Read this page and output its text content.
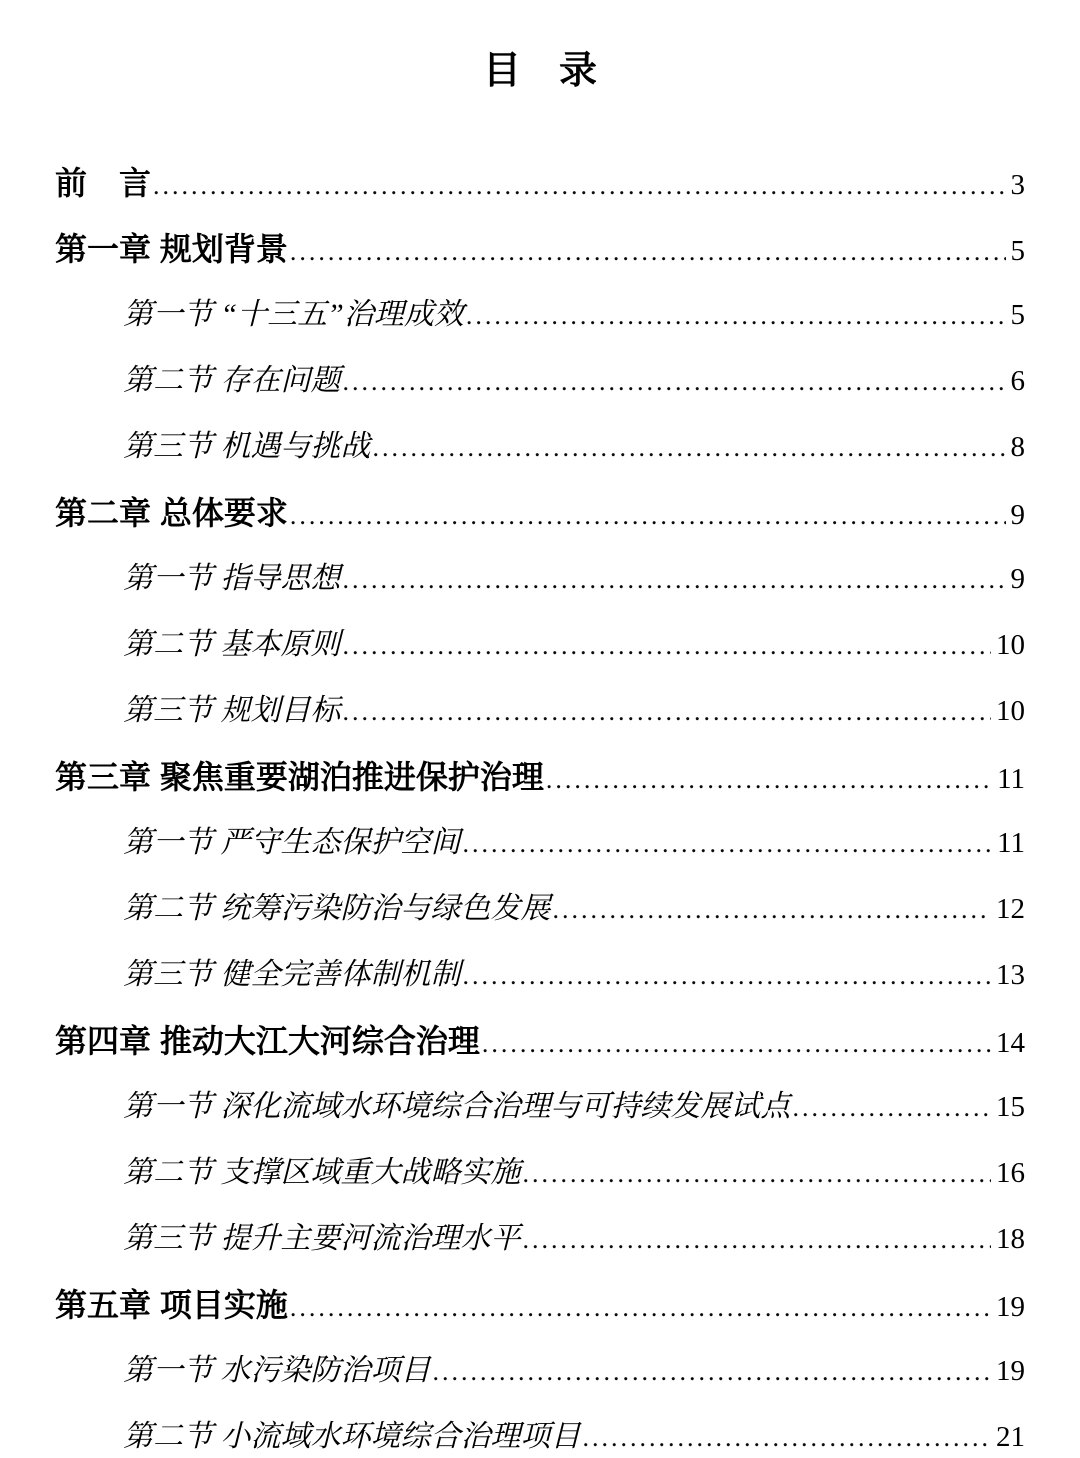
目　录
前　言 .....	3
第一章 规划背景 .....	5
第一节 “十三五”治理成效 .....	5
第二节 存在问题 .....	6
第三节 机遇与挑战 .....	8
第二章 总体要求 .....	9
第一节 指导思想 .....	9
第二节 基本原则 .....	10
第三节 规划目标 .....	10
第三章 聚焦重要湖泊推进保护治理 .....	11
第一节 严守生态保护空间 .....	11
第二节 统筹污染防治与绿色发展 .....	12
第三节 健全完善体制机制 .....	13
第四章 推动大江大河综合治理 .....	14
第一节 深化流域水环境综合治理与可持续发展试点 .....	15
第二节 支撑区域重大战略实施 .....	16
第三节 提升主要河流治理水平 .....	18
第五章 项目实施 .....	19
第一节 水污染防治项目 .....	19
第二节 小流域水环境综合治理项目 .....	21
